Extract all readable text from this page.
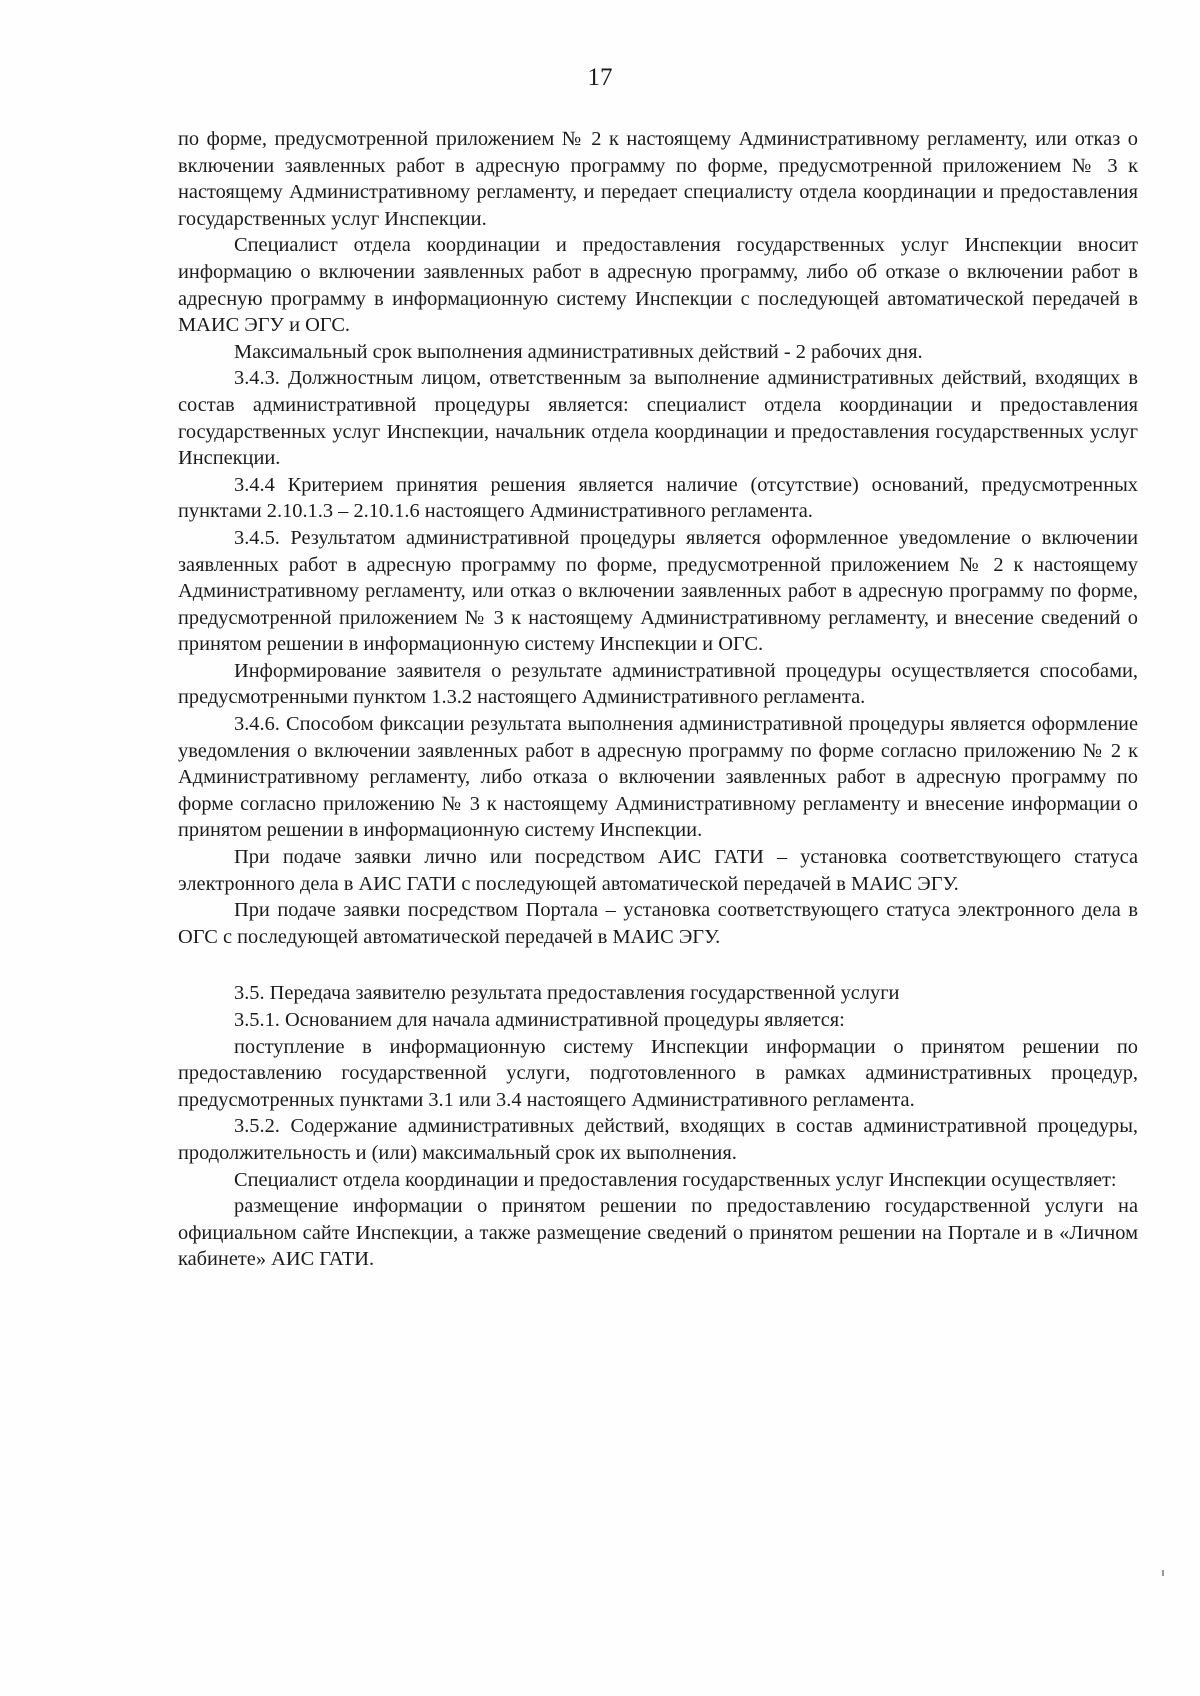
17

по форме, предусмотренной приложением № 2 к настоящему Административному регламенту, или отказ о включении заявленных работ в адресную программу по форме, предусмотренной приложением № 3 к настоящему Административному регламенту, и передает специалисту отдела координации и предоставления государственных услуг Инспекции.

Специалист отдела координации и предоставления государственных услуг Инспекции вносит информацию о включении заявленных работ в адресную программу, либо об отказе о включении работ в адресную программу в информационную систему Инспекции с последующей автоматической передачей в МАИС ЭГУ и ОГС.

Максимальный срок выполнения административных действий - 2 рабочих дня.

3.4.3. Должностным лицом, ответственным за выполнение административных действий, входящих в состав административной процедуры является: специалист отдела координации и предоставления государственных услуг Инспекции, начальник отдела координации и предоставления государственных услуг Инспекции.

3.4.4 Критерием принятия решения является наличие (отсутствие) оснований, предусмотренных пунктами 2.10.1.3 – 2.10.1.6 настоящего Административного регламента.

3.4.5. Результатом административной процедуры является оформленное уведомление о включении заявленных работ в адресную программу по форме, предусмотренной приложением № 2 к настоящему Административному регламенту, или отказ о включении заявленных работ в адресную программу по форме, предусмотренной приложением № 3 к настоящему Административному регламенту, и внесение сведений о принятом решении в информационную систему Инспекции и ОГС.

Информирование заявителя о результате административной процедуры осуществляется способами, предусмотренными пунктом 1.3.2 настоящего Административного регламента.

3.4.6. Способом фиксации результата выполнения административной процедуры является оформление уведомления о включении заявленных работ в адресную программу по форме согласно приложению № 2 к Административному регламенту, либо отказа о включении заявленных работ в адресную программу по форме согласно приложению № 3 к настоящему Административному регламенту и внесение информации о принятом решении в информационную систему Инспекции.

При подаче заявки лично или посредством АИС ГАТИ – установка соответствующего статуса электронного дела в АИС ГАТИ с последующей автоматической передачей в МАИС ЭГУ.

При подаче заявки посредством Портала – установка соответствующего статуса электронного дела в ОГС с последующей автоматической передачей в МАИС ЭГУ.

3.5. Передача заявителю результата предоставления государственной услуги

3.5.1. Основанием для начала административной процедуры является:

поступление в информационную систему Инспекции информации о принятом решении по предоставлению государственной услуги, подготовленного в рамках административных процедур, предусмотренных пунктами 3.1 или 3.4 настоящего Административного регламента.

3.5.2. Содержание административных действий, входящих в состав административной процедуры, продолжительность и (или) максимальный срок их выполнения.

Специалист отдела координации и предоставления государственных услуг Инспекции осуществляет:

размещение информации о принятом решении по предоставлению государственной услуги на официальном сайте Инспекции, а также размещение сведений о принятом решении на Портале и в «Личном кабинете» АИС ГАТИ.
